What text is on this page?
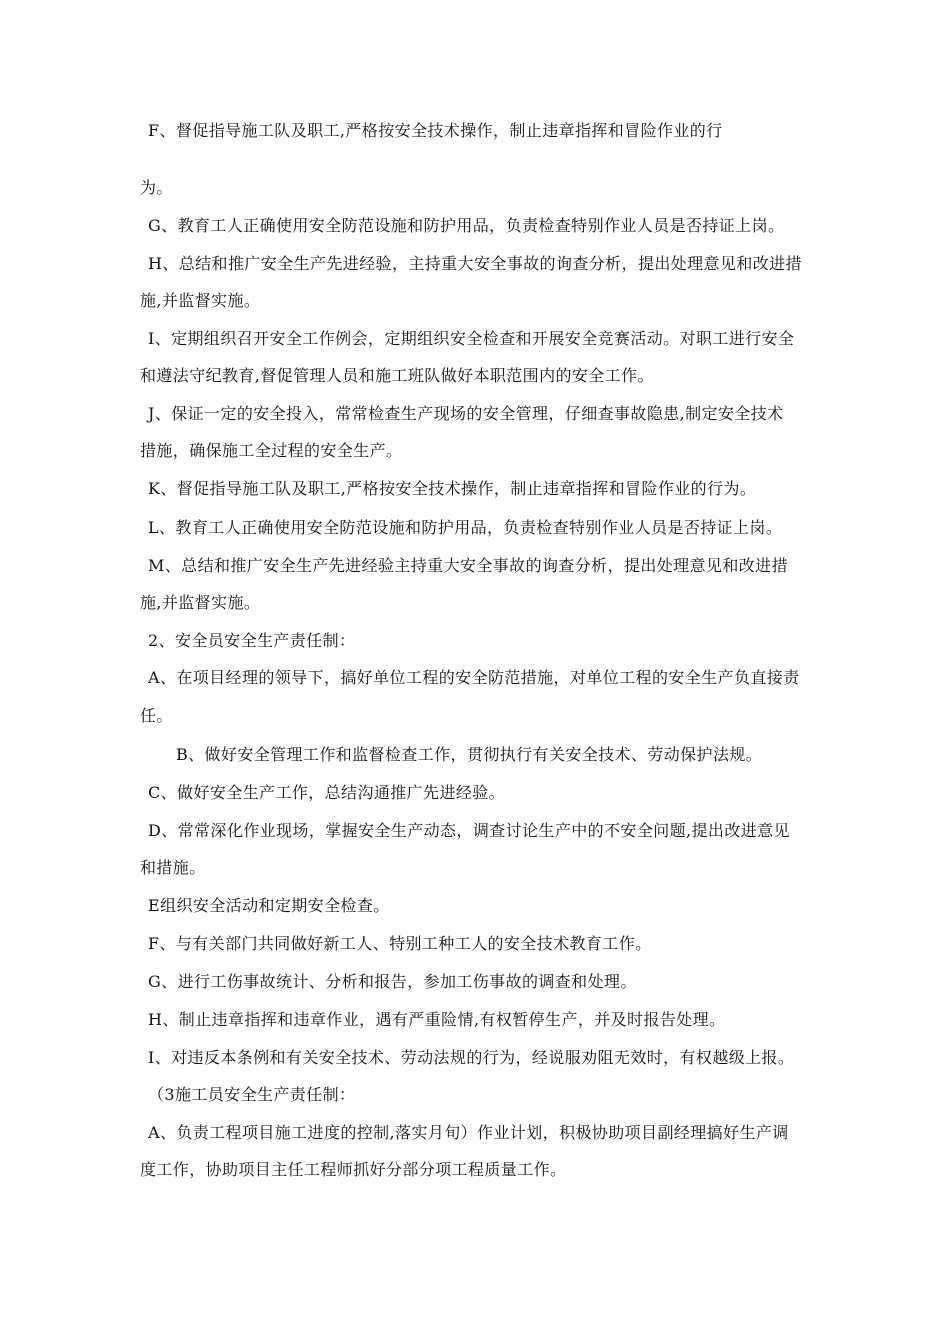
F、督促指导施工队及职工,严格按安全技术操作，制止违章指挥和冒险作业的行
为。
G、教育工人正确使用安全防范设施和防护用品，负责检查特别作业人员是否持证上岗。
H、总结和推广安全生产先进经验，主持重大安全事故的询查分析，提出处理意见和改进措
施,并监督实施。
I、定期组织召开安全工作例会，定期组织安全检查和开展安全竞赛活动。对职工进行安全
和遵法守纪教育,督促管理人员和施工班队做好本职范围内的安全工作。
J、保证一定的安全投入，常常检查生产现场的安全管理，仔细查事故隐患,制定安全技术
措施，确保施工全过程的安全生产。
K、督促指导施工队及职工,严格按安全技术操作，制止违章指挥和冒险作业的行为。
L、教育工人正确使用安全防范设施和防护用品，负责检查特别作业人员是否持证上岗。
M、总结和推广安全生产先进经验主持重大安全事故的询查分析，提出处理意见和改进措
施,并监督实施。
2、安全员安全生产责任制：
A、在项目经理的领导下，搞好单位工程的安全防范措施，对单位工程的安全生产负直接责
任。
B、做好安全管理工作和监督检查工作，贯彻执行有关安全技术、劳动保护法规。
C、做好安全生产工作，总结沟通推广先进经验。
D、常常深化作业现场，掌握安全生产动态，调查讨论生产中的不安全问题,提出改进意见
和措施。
E组织安全活动和定期安全检查。
F、与有关部门共同做好新工人、特别工种工人的安全技术教育工作。
G、进行工伤事故统计、分析和报告，参加工伤事故的调查和处理。
H、制止违章指挥和违章作业，遇有严重险情,有权暂停生产，并及时报告处理。
I、对违反本条例和有关安全技术、劳动法规的行为，经说服劝阻无效时，有权越级上报。
（3施工员安全生产责任制：
A、负责工程项目施工进度的控制,落实月旬）作业计划，积极协助项目副经理搞好生产调
度工作，协助项目主任工程师抓好分部分项工程质量工作。
